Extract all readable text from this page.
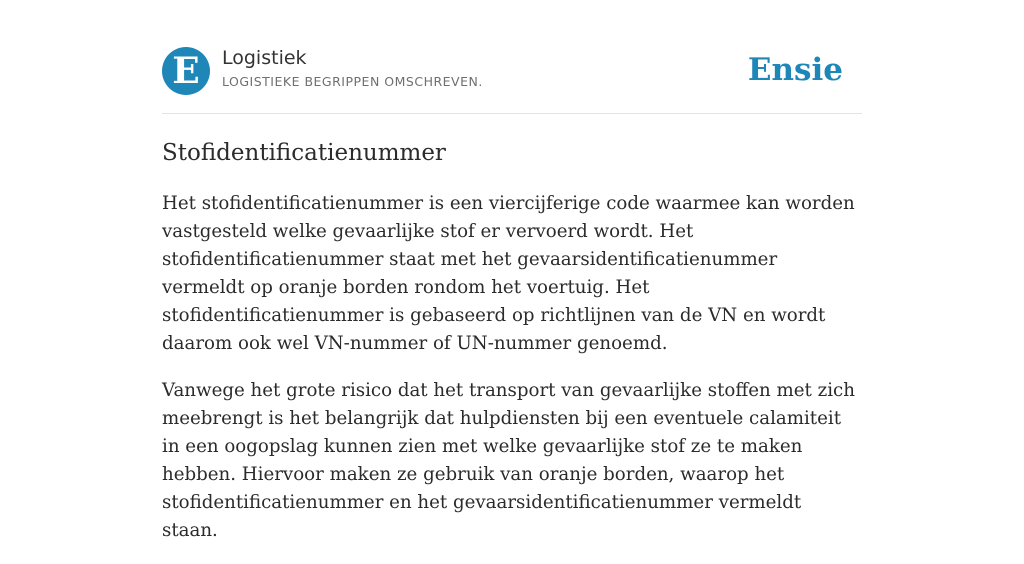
E	Logistiek
LOGISTIEKE BEGRIPPEN OMSCHREVEN.	Ensie
Stofidentificatienummer

Het stofidentificatienummer is een viercijferige code waarmee kan worden vastgesteld welke gevaarlijke stof er vervoerd wordt. Het stofidentificatienummer staat met het gevaarsidentificatienummer vermeldt op oranje borden rondom het voertuig. Het stofidentificatienummer is gebaseerd op richtlijnen van de VN en wordt daarom ook wel VN-nummer of UN-nummer genoemd.

Vanwege het grote risico dat het transport van gevaarlijke stoffen met zich meebrengt is het belangrijk dat hulpdiensten bij een eventuele calamiteit in een oogopslag kunnen zien met welke gevaarlijke stof ze te maken hebben. Hiervoor maken ze gebruik van oranje borden, waarop het stofidentificatienummer en het gevaarsidentificatienummer vermeldt staan.
